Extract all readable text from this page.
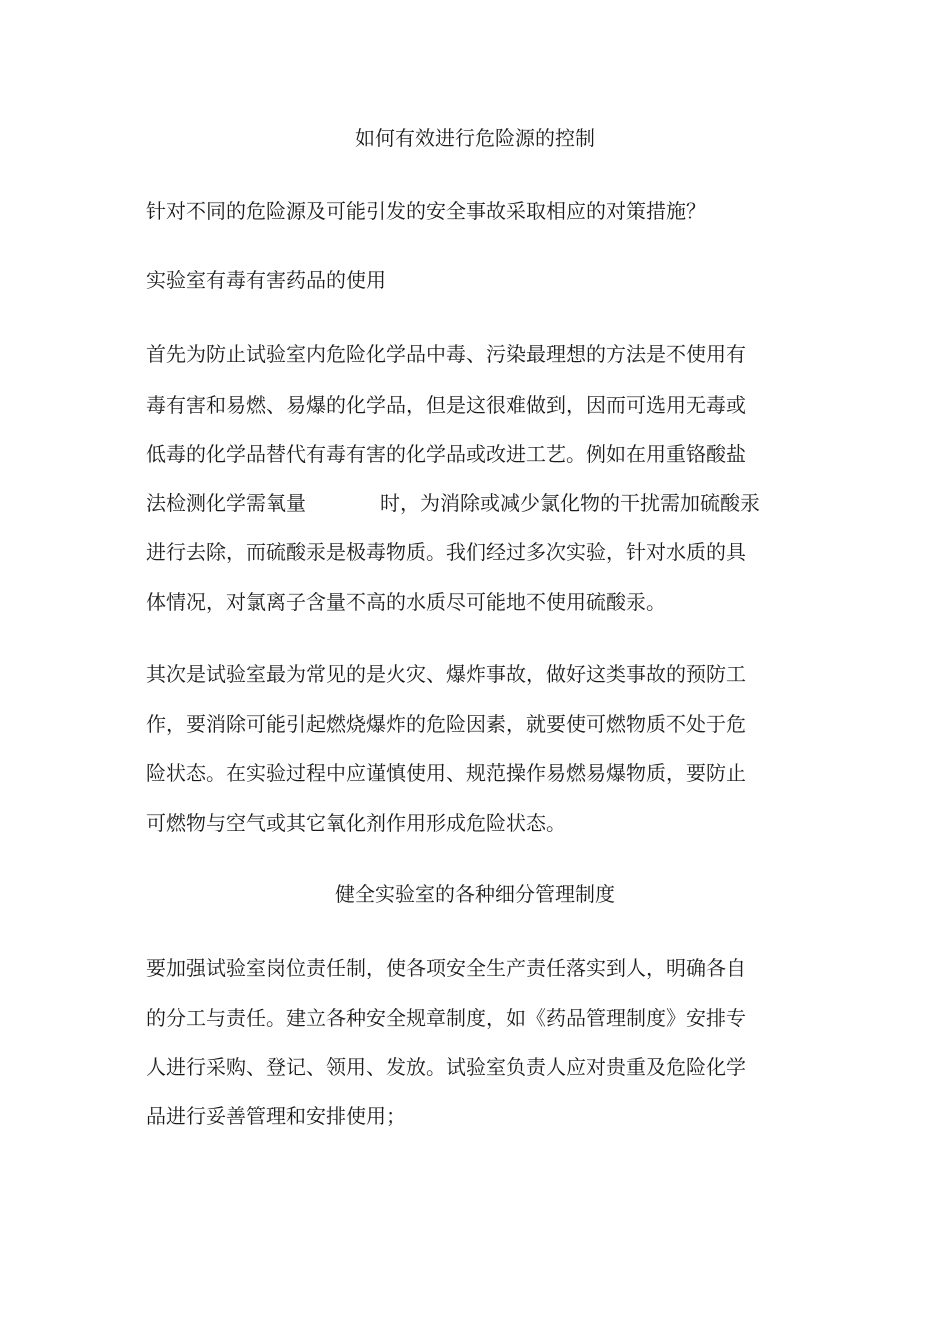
如何有效进行危险源的控制
针对不同的危险源及可能引发的安全事故采取相应的对策措施？
实验室有毒有害药品的使用
首先为防止试验室内危险化学品中毒、污染最理想的方法是不使用有
毒有害和易燃、易爆的化学品，但是这很难做到，因而可选用无毒或
低毒的化学品替代有毒有害的化学品或改进工艺。例如在用重铬酸盐
法检测化学需氧量	时，为消除或减少氯化物的干扰需加硫酸汞
进行去除，而硫酸汞是极毒物质。我们经过多次实验，针对水质的具
体情况，对氯离子含量不高的水质尽可能地不使用硫酸汞。
其次是试验室最为常见的是火灾、爆炸事故，做好这类事故的预防工
作，要消除可能引起燃烧爆炸的危险因素，就要使可燃物质不处于危
险状态。在实验过程中应谨慎使用、规范操作易燃易爆物质，要防止
可燃物与空气或其它氧化剂作用形成危险状态。
健全实验室的各种细分管理制度
要加强试验室岗位责任制，使各项安全生产责任落实到人，明确各自
的分工与责任。建立各种安全规章制度，如《药品管理制度》安排专
人进行采购、登记、领用、发放。试验室负责人应对贵重及危险化学
品进行妥善管理和安排使用；
